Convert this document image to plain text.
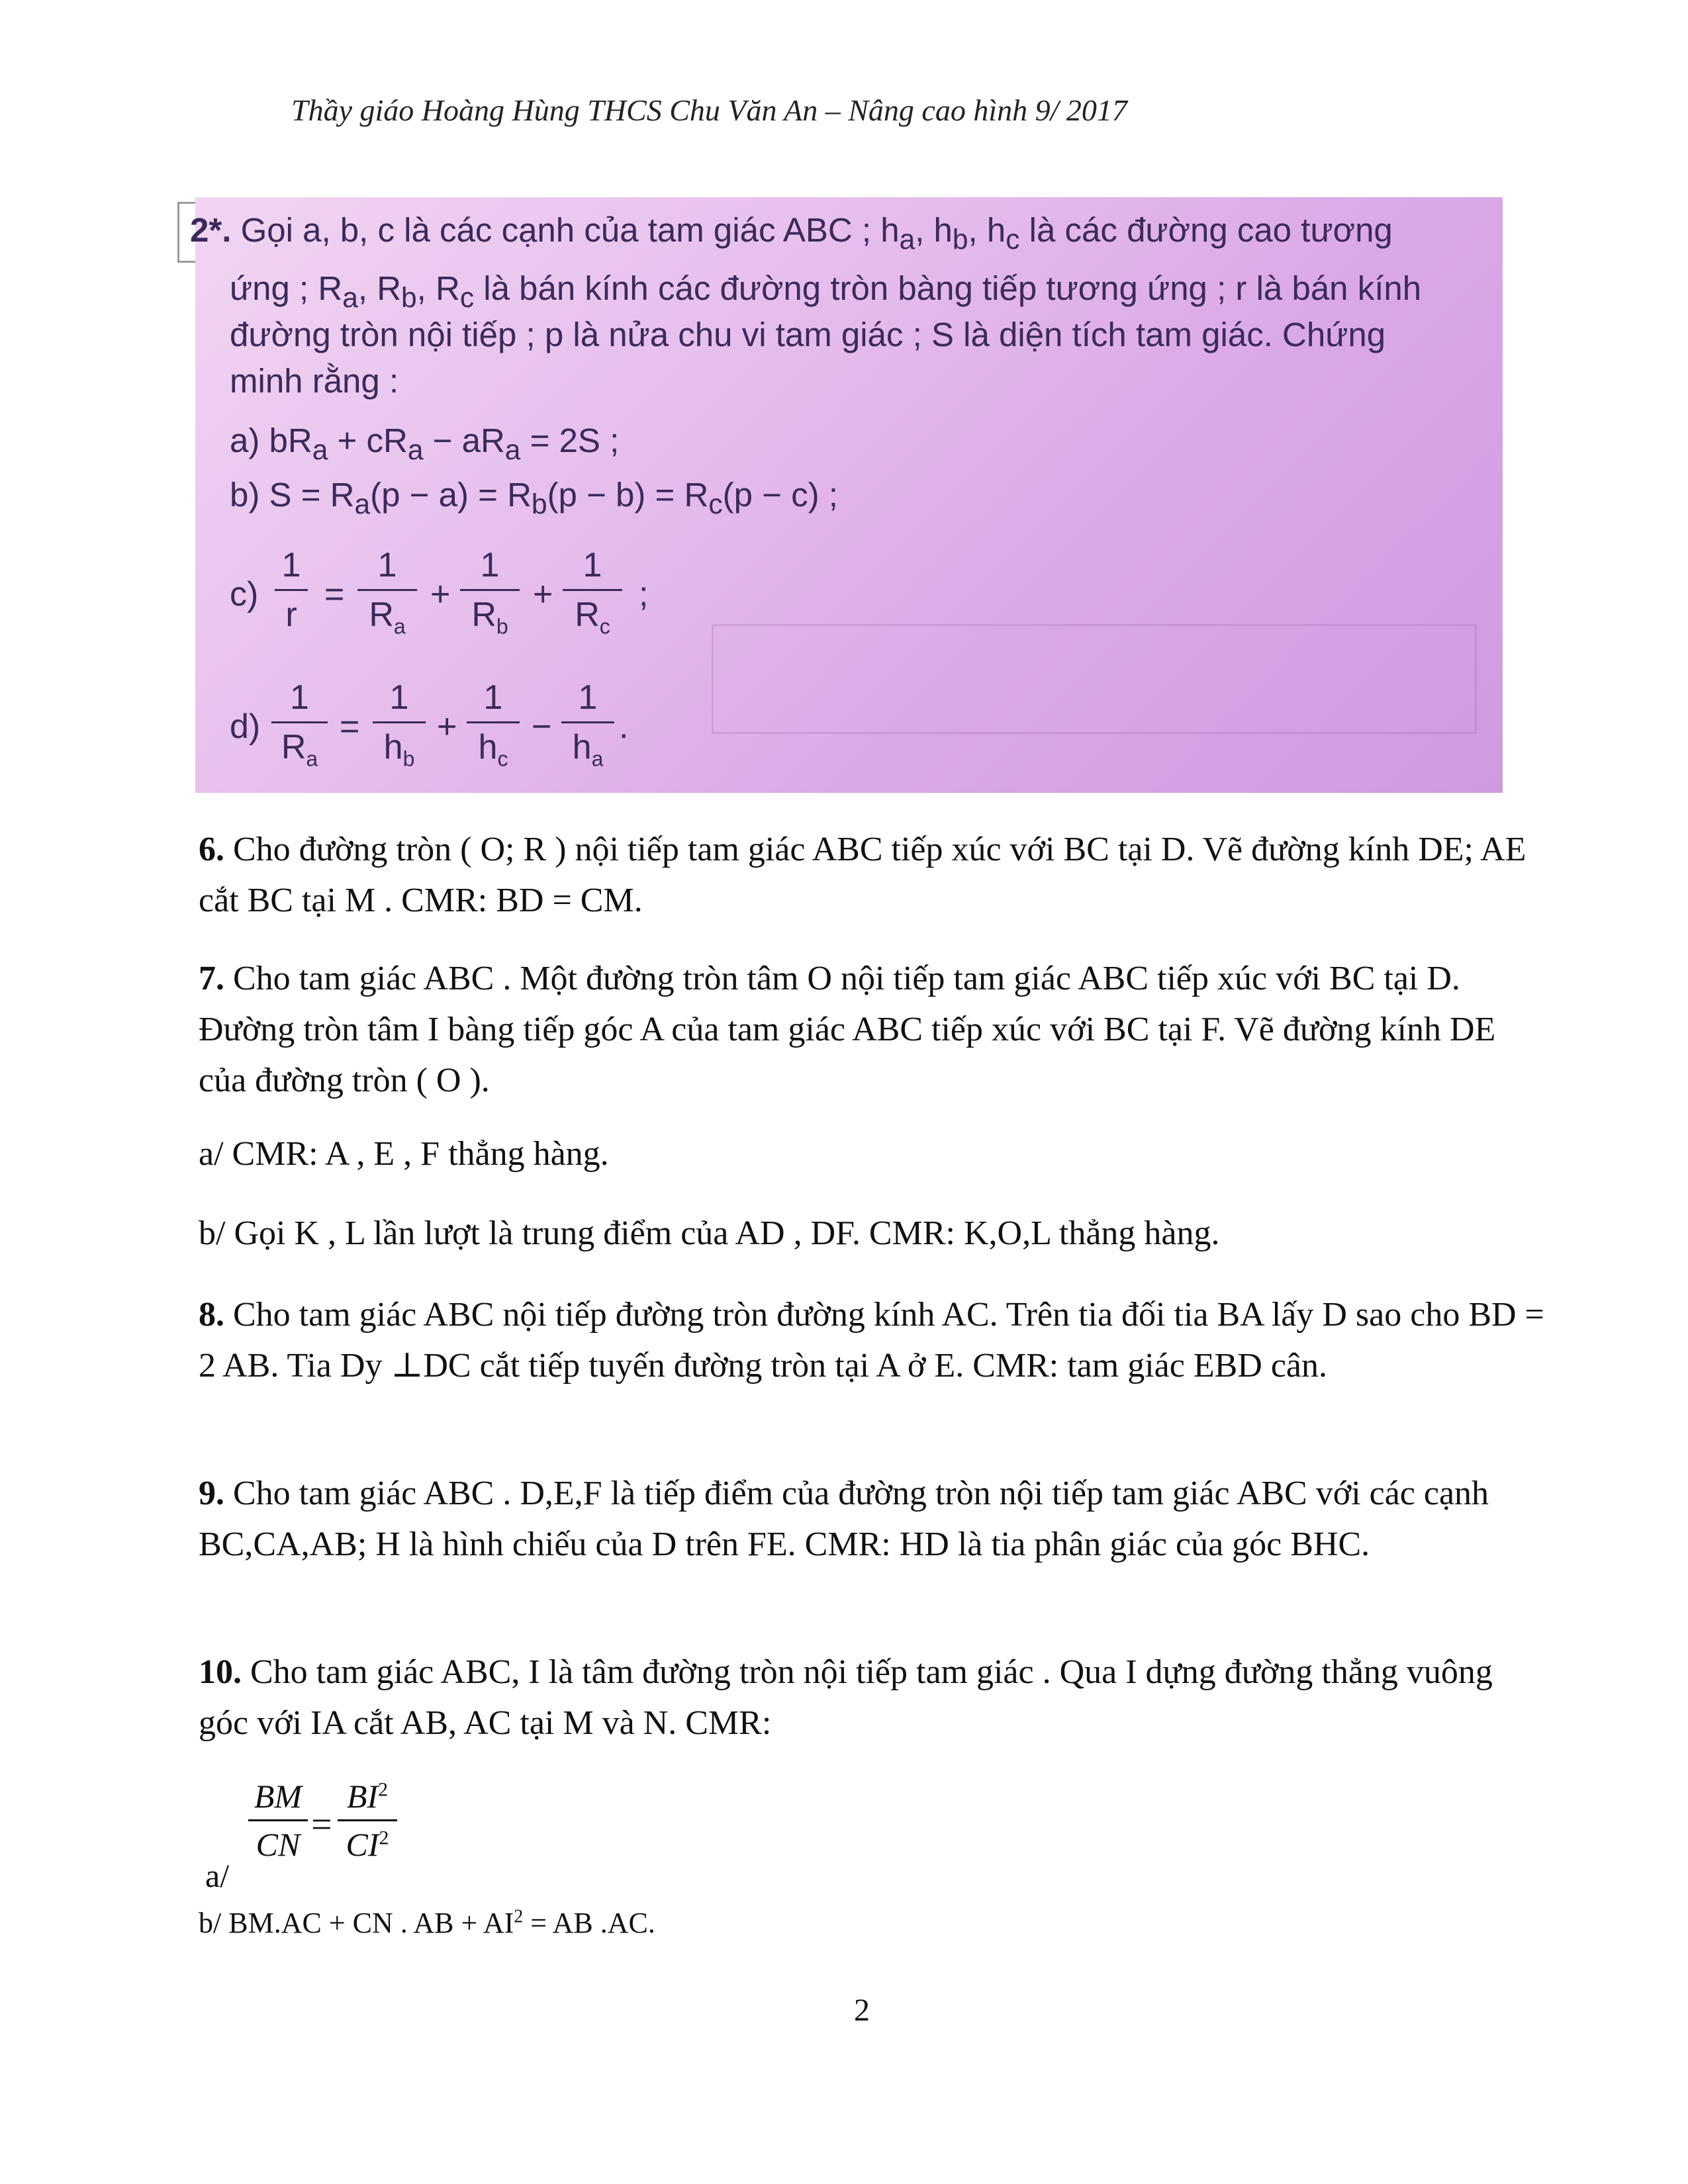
Thầy giáo Hoàng Hùng THCS Chu Văn An – Nâng cao hình 9/ 2017
2*. Gọi a, b, c là các cạnh của tam giác ABC ; $h_a$, $h_b$, $h_c$ là các đường cao tương
ứng ; $R_a$, $R_b$, $R_c$ là bán kính các đường tròn bàng tiếp tương ứng ; r là bán kính
đường tròn nội tiếp ; p là nửa chu vi tam giác ; S là diện tích tam giác. Chứng
minh rằng :
a) $bR_a + cR_a - aR_a = 2S$ ;
b) $S = R_a(p - a) = R_b(p - b) = R_c(p - c)$ ;
c)
1
r
=
1
$R_a$
+
1
$R_b$
+
1
$R_c$
;
d)
1
$R_a$
=
1
$h_b$
+
1
$h_c$
−
1
$h_a$
.
6. Cho đường tròn ( O; R ) nội tiếp tam giác ABC tiếp xúc với BC tại D. Vẽ đường kính DE; AE cắt BC tại M . CMR: BD = CM.
7. Cho tam giác ABC . Một đường tròn tâm O nội tiếp tam giác ABC tiếp xúc với BC tại D. Đường tròn tâm I bàng tiếp góc A của tam giác ABC tiếp xúc với BC tại F. Vẽ đường kính DE của đường tròn ( O ).
a/ CMR: A , E , F thẳng hàng.
b/ Gọi K , L lần lượt là trung điểm của AD , DF. CMR: K,O,L thẳng hàng.
8. Cho tam giác ABC nội tiếp đường tròn đường kính AC. Trên tia đối tia BA lấy D sao cho BD = 2 AB. Tia Dy ⊥DC cắt tiếp tuyến đường tròn tại A ở E. CMR: tam giác EBD cân.
9. Cho tam giác ABC . D,E,F là tiếp điểm của đường tròn nội tiếp tam giác ABC với các cạnh BC,CA,AB; H là hình chiếu của D trên FE. CMR: HD là tia phân giác của góc BHC.
10. Cho tam giác ABC, I là tâm đường tròn nội tiếp tam giác . Qua I dựng đường thẳng vuông góc với IA cắt AB, AC tại M và N. CMR:
a/
BM
CN =
$BI^2$
$CI^2$
b/ BM.AC + CN . AB + $AI^2$ = AB .AC.
2
